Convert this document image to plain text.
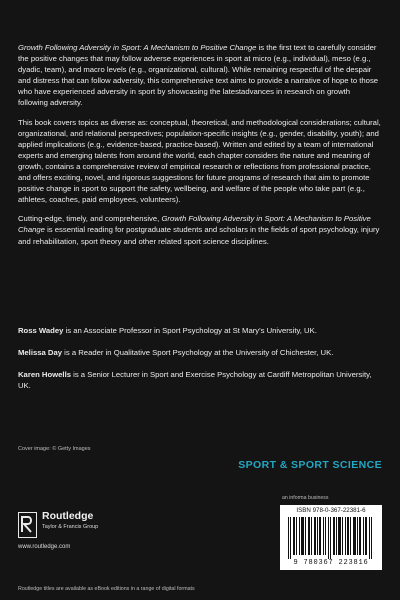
Growth Following Adversity in Sport: A Mechanism to Positive Change is the first text to carefully consider the positive changes that may follow adverse experiences in sport at micro (e.g., individual), meso (e.g., dyadic, team), and macro levels (e.g., organizational, cultural). While remaining respectful of the despair and distress that can follow adversity, this comprehensive text aims to provide a narrative of hope to those who have experienced adversity in sport by showcasing the latestadvances in research on growth following adversity.

This book covers topics as diverse as: conceptual, theoretical, and methodological considerations; cultural, organizational, and relational perspectives; population-specific insights (e.g., gender, disability, youth); and applied implications (e.g., evidence-based, practice-based). Written and edited by a team of international experts and emerging talents from around the world, each chapter considers the nature and meaning of growth, contains a comprehensive review of empirical research or reflections from professional practice, and offers exciting, novel, and rigorous suggestions for future programs of research that aim to promote positive change in sport to support the safety, wellbeing, and welfare of the people who take part (e.g., athletes, coaches, paid employees, volunteers).

Cutting-edge, timely, and comprehensive, Growth Following Adversity in Sport: A Mechanism to Positive Change is essential reading for postgraduate students and scholars in the fields of sport psychology, injury and rehabilitation, sport theory and other related sport science disciplines.

Ross Wadey is an Associate Professor in Sport Psychology at St Mary's University, UK.

Melissa Day is a Reader in Qualitative Sport Psychology at the University of Chichester, UK.

Karen Howells is a Senior Lecturer in Sport and Exercise Psychology at Cardiff Metropolitan University, UK.

Cover image: © Getty Images
SPORT & SPORT SCIENCE
Routledge
Taylor & Francis Group
www.routledge.com
an informa business
ISBN 978-0-367-22381-6
9 780367 223816
Routledge titles are available as eBook editions in a range of digital formats
